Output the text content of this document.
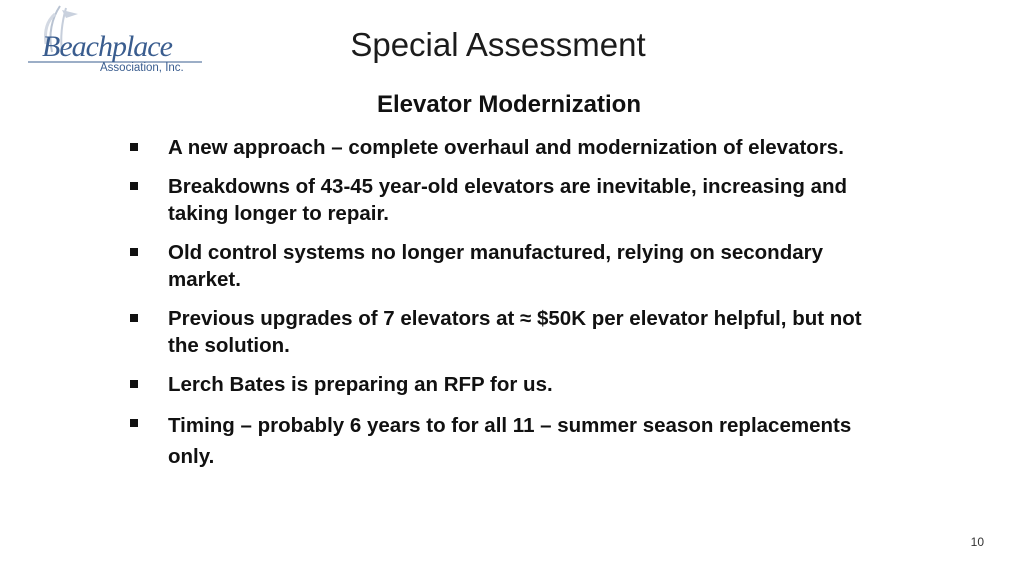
Beachplace
Association, Inc.
Special Assessment
Elevator Modernization
A new approach – complete overhaul and modernization of elevators.
Breakdowns of 43-45 year-old elevators are inevitable, increasing and taking longer to repair.
Old control systems no longer manufactured, relying on secondary market.
Previous upgrades of 7 elevators at ≈ $50K per elevator helpful, but not the solution.
Lerch Bates is preparing an RFP for us.
Timing – probably 6 years to for all 11 – summer season replacements only.
10
